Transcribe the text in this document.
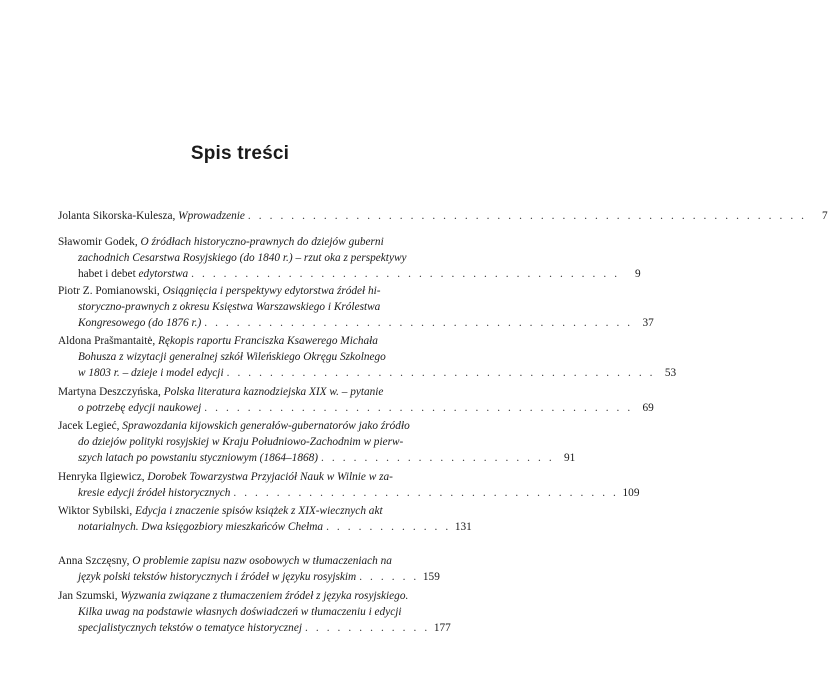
Spis treści
Jolanta Sikorska-Kulesza, Wprowadzenie . . . . . . . . . . . . . . . . . . . . . . . . . . . . . . . . . . . . . . . . . . . . . . . . . . . .	7
Sławomir Godek, O źródłach historyczno-prawnych do dziejów guberni
zachodnich Cesarstwa Rosyjskiego (do 1840 r.) – rzut oka z perspektywy
habet i debet edytorstwa . . . . . . . . . . . . . . . . . . . . . . . . . . . . . . . . . . . . . . . .	9
Piotr Z. Pomianowski, Osiągnięcia i perspektywy edytorstwa źródeł hi-
storyczno-prawnych z okresu Księstwa Warszawskiego i Królestwa
Kongresowego (do 1876 r.) . . . . . . . . . . . . . . . . . . . . . . . . . . . . . . . . . . . . . . . . 37
Aldona Prašmantaitė, Rękopis raportu Franciszka Ksawerego Michała
Bohusza z wizytacji generalnej szkół Wileńskiego Okręgu Szkolnego
w 1803 r. – dzieje i model edycji . . . . . . . . . . . . . . . . . . . . . . . . . . . . . . . . . . . . . . . . 53
Martyna Deszczyńska, Polska literatura kaznodziejska XIX w. – pytanie
o potrzebę edycji naukowej . . . . . . . . . . . . . . . . . . . . . . . . . . . . . . . . . . . . . . . . 69
Jacek Legieć, Sprawozdania kijowskich generałów-gubernatorów jako źródło
do dziejów polityki rosyjskiej w Kraju Południowo-Zachodnim w pierw-
szych latach po powstaniu styczniowym (1864–1868) . . . . . . . . . . . . . . . . . . . . . . 91
Henryka Ilgiewicz, Dorobek Towarzystwa Przyjaciół Nauk w Wilnie w za-
kresie edycji źródeł historycznych . . . . . . . . . . . . . . . . . . . . . . . . . . . . . . . . . . . . 109
Wiktor Sybilski, Edycja i znaczenie spisów książek z XIX-wiecznych akt
notarialnych. Dwa księgozbiory mieszkańców Chełma . . . . . . . . . . . . 131
Anna Szczęsny, O problemie zapisu nazw osobowych w tłumaczeniach na
język polski tekstów historycznych i źródeł w języku rosyjskim . . . . . . 159
Jan Szumski, Wyzwania związane z tłumaczeniem źródeł z języka rosyjskiego.
Kilka uwag na podstawie własnych doświadczeń w tłumaczeniu i edycji
specjalistycznych tekstów o tematyce historycznej . . . . . . . . . . . . 177
